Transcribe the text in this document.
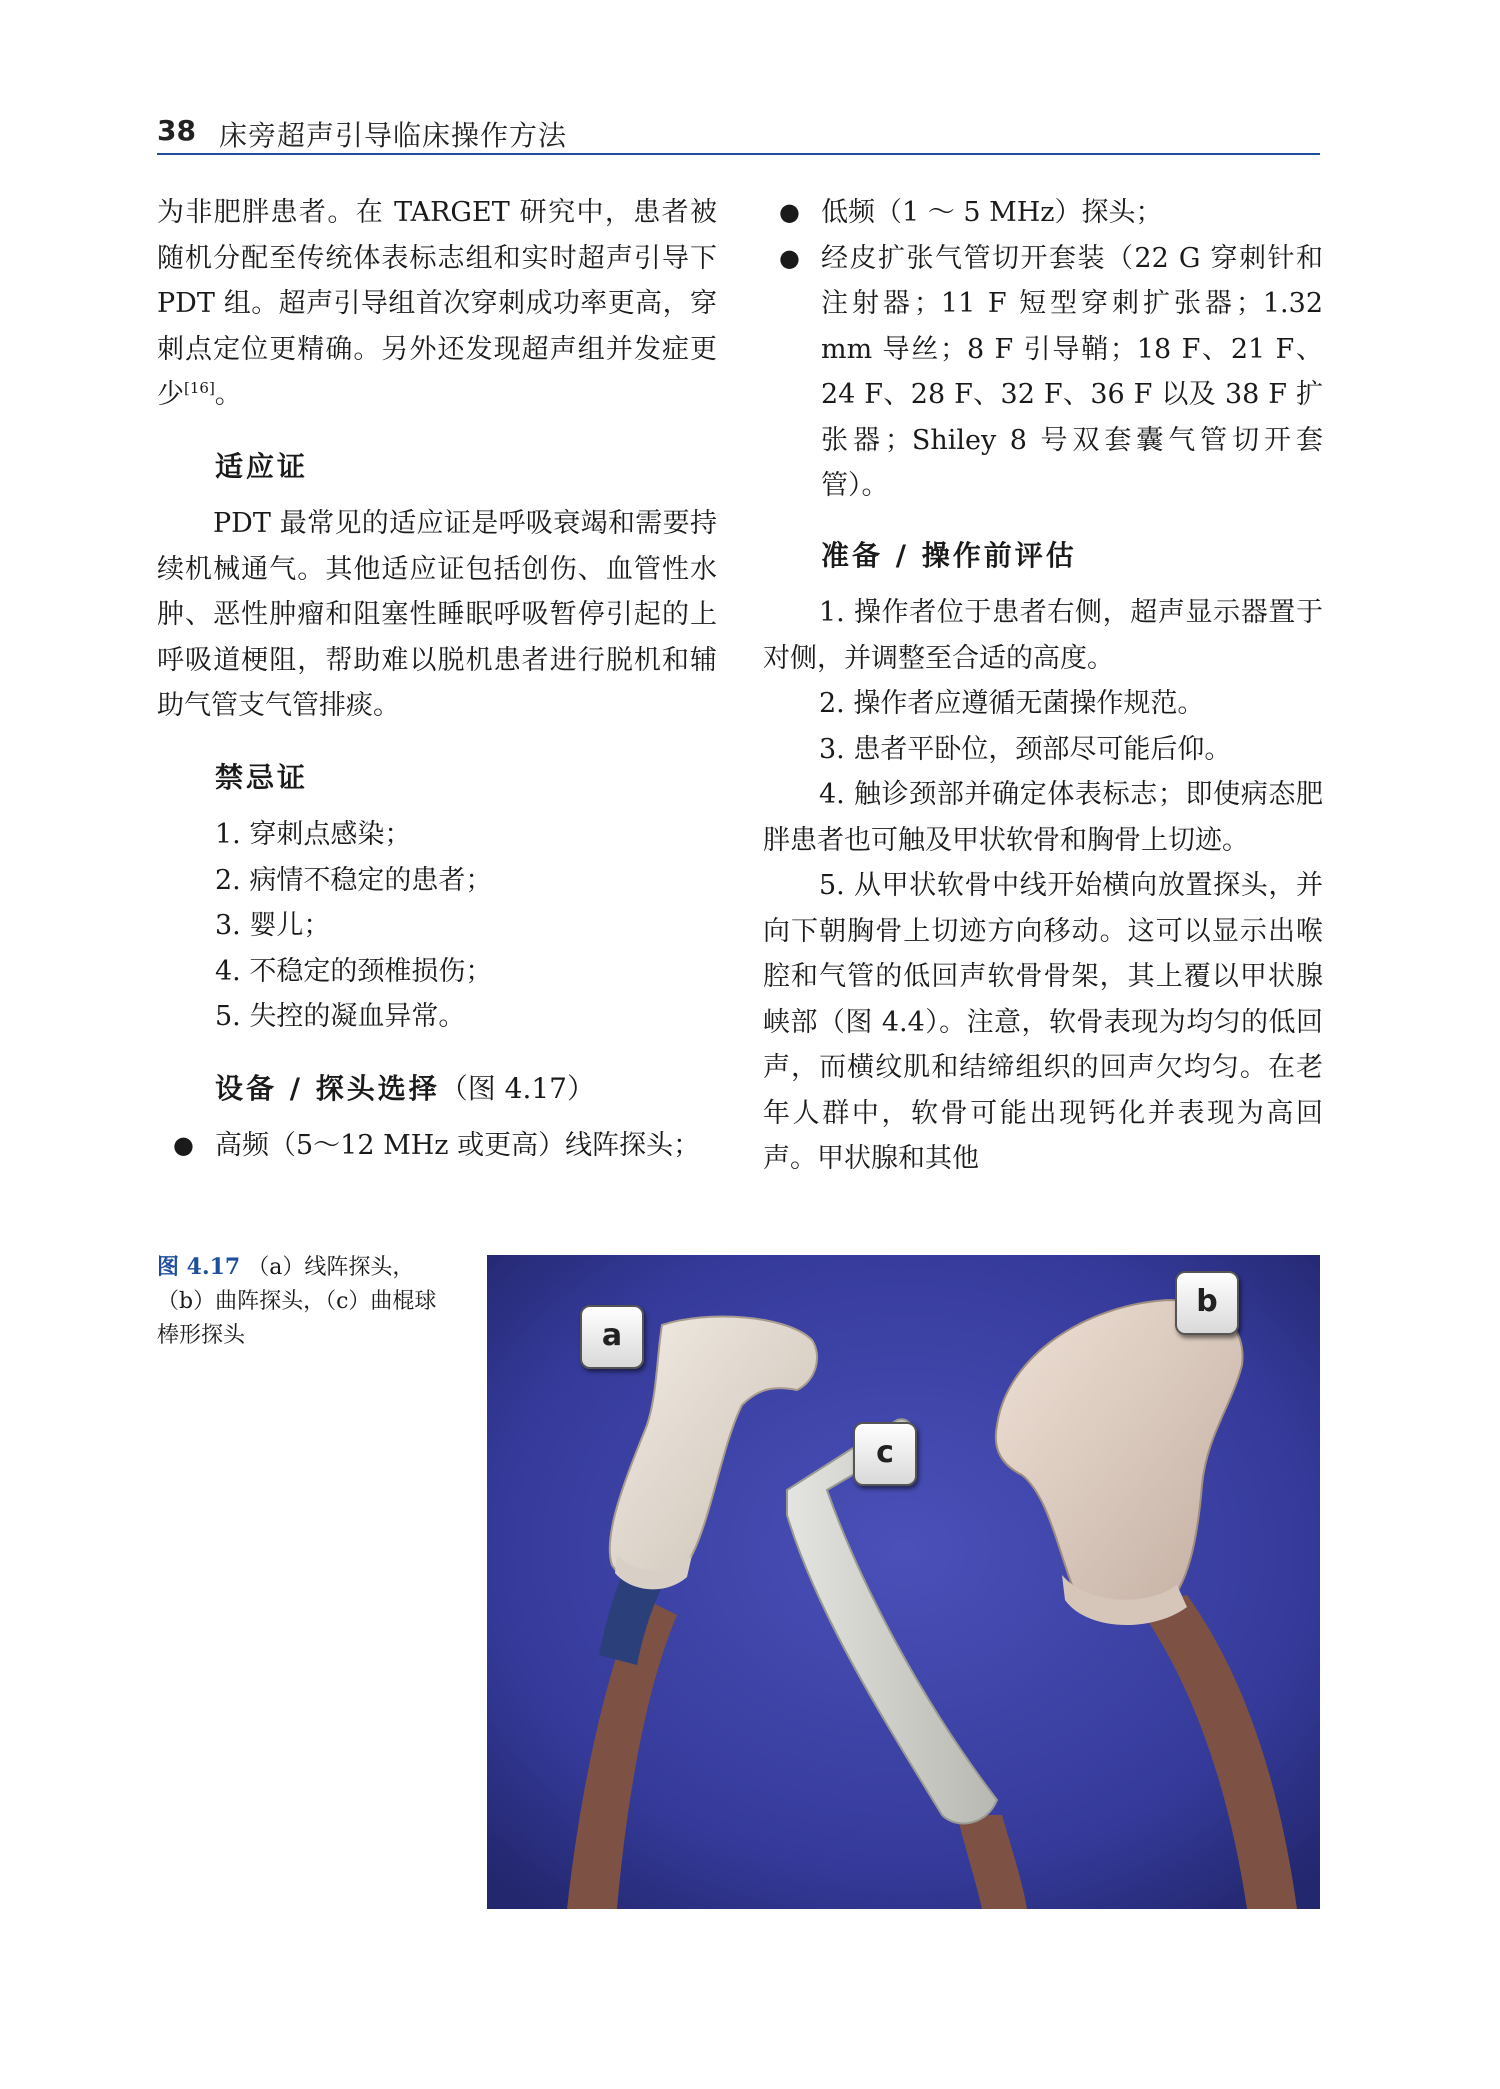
38 床旁超声引导临床操作方法

为非肥胖患者。在 TARGET 研究中，患者被随机分配至传统体表标志组和实时超声引导下 PDT 组。超声引导组首次穿刺成功率更高，穿刺点定位更精确。另外还发现超声组并发症更少[16]。

适应证

PDT 最常见的适应证是呼吸衰竭和需要持续机械通气。其他适应证包括创伤、血管性水肿、恶性肿瘤和阻塞性睡眠呼吸暂停引起的上呼吸道梗阻，帮助难以脱机患者进行脱机和辅助气管支气管排痰。

禁忌证

1. 穿刺点感染；

2. 病情不稳定的患者；

3. 婴儿；

4. 不稳定的颈椎损伤；

5. 失控的凝血异常。

设备 / 探头选择（图 4.17）

● 高频（5～12 MHz 或更高）线阵探头；
● 低频（1 ～ 5 MHz）探头；
● 经皮扩张气管切开套装（22 G 穿刺针和注射器；11 F 短型穿刺扩张器；1.32 mm 导丝；8 F 引导鞘；18 F、21 F、24 F、28 F、32 F、36 F 以及 38 F 扩张器；Shiley 8 号双套囊气管切开套管）。

准备 / 操作前评估

1. 操作者位于患者右侧，超声显示器置于对侧，并调整至合适的高度。

2. 操作者应遵循无菌操作规范。

3. 患者平卧位，颈部尽可能后仰。

4. 触诊颈部并确定体表标志；即使病态肥胖患者也可触及甲状软骨和胸骨上切迹。

5. 从甲状软骨中线开始横向放置探头，并向下朝胸骨上切迹方向移动。这可以显示出喉腔和气管的低回声软骨骨架，其上覆以甲状腺峡部（图 4.4）。注意，软骨表现为均匀的低回声，而横纹肌和结缔组织的回声欠均匀。在老年人群中，软骨可能出现钙化并表现为高回声。甲状腺和其他

图 4.17 （a）线阵探头，（b）曲阵探头，（c）曲棍球棒形探头	a
b
c
